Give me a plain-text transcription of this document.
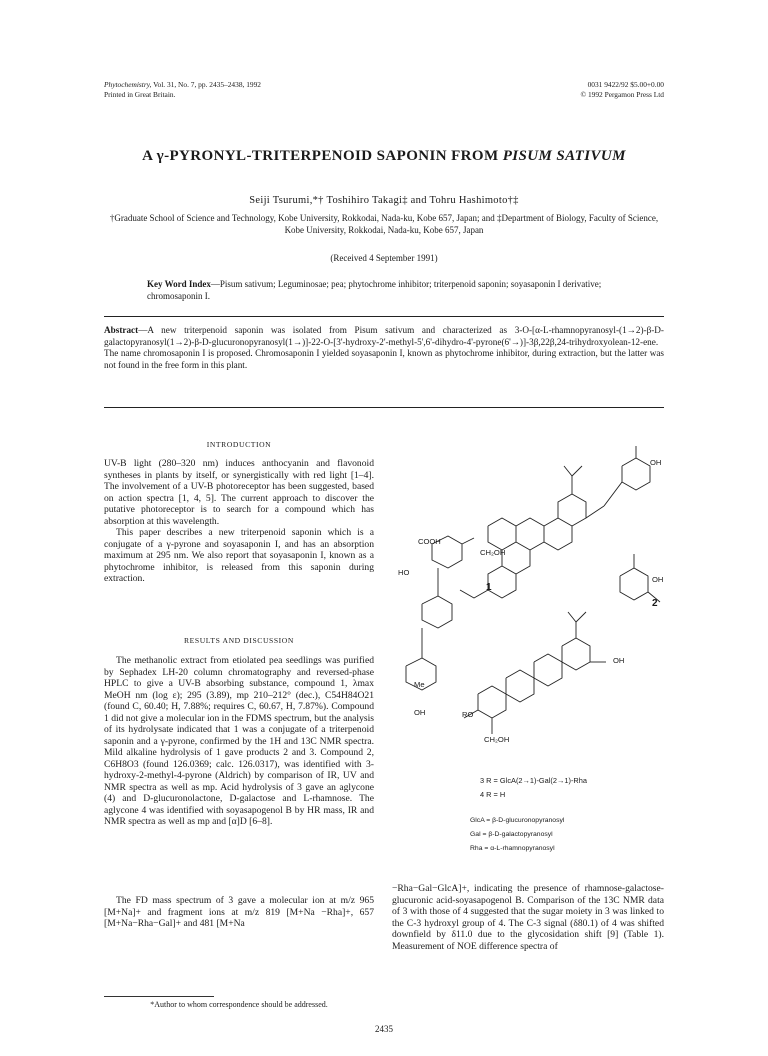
Phytochemistry, Vol. 31, No. 7, pp. 2435–2438, 1992
Printed in Great Britain.
0031 9422/92 $5.00+0.00
© 1992 Pergamon Press Ltd
A γ-PYRONYL-TRITERPENOID SAPONIN FROM PISUM SATIVUM
Seiji Tsurumi,*† Toshihiro Takagi‡ and Tohru Hashimoto†‡
†Graduate School of Science and Technology, Kobe University, Rokkodai, Nada-ku, Kobe 657, Japan; and ‡Department of Biology, Faculty of Science, Kobe University, Rokkodai, Nada-ku, Kobe 657, Japan
(Received 4 September 1991)
Key Word Index—Pisum sativum; Leguminosae; pea; phytochrome inhibitor; triterpenoid saponin; soyasaponin I derivative; chromosaponin I.
Abstract—A new triterpenoid saponin was isolated from Pisum sativum and characterized as 3-O-[α-L-rhamnopyranosyl-(1→2)-β-D-galactopyranosyl(1→2)-β-D-glucuronopyranosyl(1→)]-22-O-[3'-hydroxy-2'-methyl-5',6'-dihydro-4'-pyrone(6'→)]-3β,22β,24-trihydroxyolean-12-ene. The name chromosaponin I is proposed. Chromosaponin I yielded soyasaponin I, known as phytochrome inhibitor, during extraction, but the latter was not found in the free form in this plant.
INTRODUCTION
UV-B light (280–320 nm) induces anthocyanin and flavonoid syntheses in plants by itself, or synergistically with red light [1–4]. The involvement of a UV-B photoreceptor has been suggested, based on action spectra [1, 4, 5]. The current approach to discover the putative photoreceptor is to search for a compound which has absorption at this wavelength.
This paper describes a new triterpenoid saponin which is a conjugate of a γ-pyrone and soyasaponin I, and has an absorption maximum at 295 nm. We also report that soyasaponin I, known as a phytochrome inhibitor, is released from this saponin during extraction.
RESULTS AND DISCUSSION
The methanolic extract from etiolated pea seedlings was purified by Sephadex LH-20 column chromatography and reversed-phase HPLC to give a UV-B absorbing substance, compound 1, λmax MeOH nm (log ε); 295 (3.89), mp 210–212° (dec.), C54H84O21 (found C, 60.40; H, 7.88%; requires C, 60.67, H, 7.87%). Compound 1 did not give a molecular ion in the FDMS spectrum, but the analysis of its hydrolysate indicated that 1 was a conjugate of a triterpenoid saponin and a γ-pyrone, confirmed by the 1H and 13C NMR spectra. Mild alkaline hydrolysis of 1 gave products 2 and 3. Compound 2, C6H8O3 (found 126.0369; calc. 126.0317), was identified with 3-hydroxy-2-methyl-4-pyrone (Aldrich) by comparison of IR, UV and NMR spectra as well as mp. Acid hydrolysis of 3 gave an aglycone (4) and D-glucuronolactone, D-galactose and L-rhamnose. The aglycone 4 was identified with soyasapogenol B by HR mass, IR and NMR spectra as well as mp and [α]D [6–8].
The FD mass spectrum of 3 gave a molecular ion at m/z 965 [M+Na]+ and fragment ions at m/z 819 [M+Na −Rha]+, 657 [M+Na−Rha−Gal]+ and 481 [M+Na
*Author to whom correspondence should be addressed.
COOH
HO
OH
CH₂OH
1
OH
2
Me
OH
OH
RO
CH₂OH
3 R = GlcA(2→1)-Gal(2→1)-Rha
4 R = H
GlcA = β-D-glucuronopyranosyl
Gal = β-D-galactopyranosyl
Rha = α-L-rhamnopyranosyl
−Rha−Gal−GlcA]+, indicating the presence of rhamnose-galactose-glucuronic acid-soyasapogenol B. Comparison of the 13C NMR data of 3 with those of 4 suggested that the sugar moiety in 3 was linked to the C-3 hydroxyl group of 4. The C-3 signal (δ80.1) of 4 was shifted downfield by δ11.0 due to the glycosidation shift [9] (Table 1). Measurement of NOE difference spectra of
2435
